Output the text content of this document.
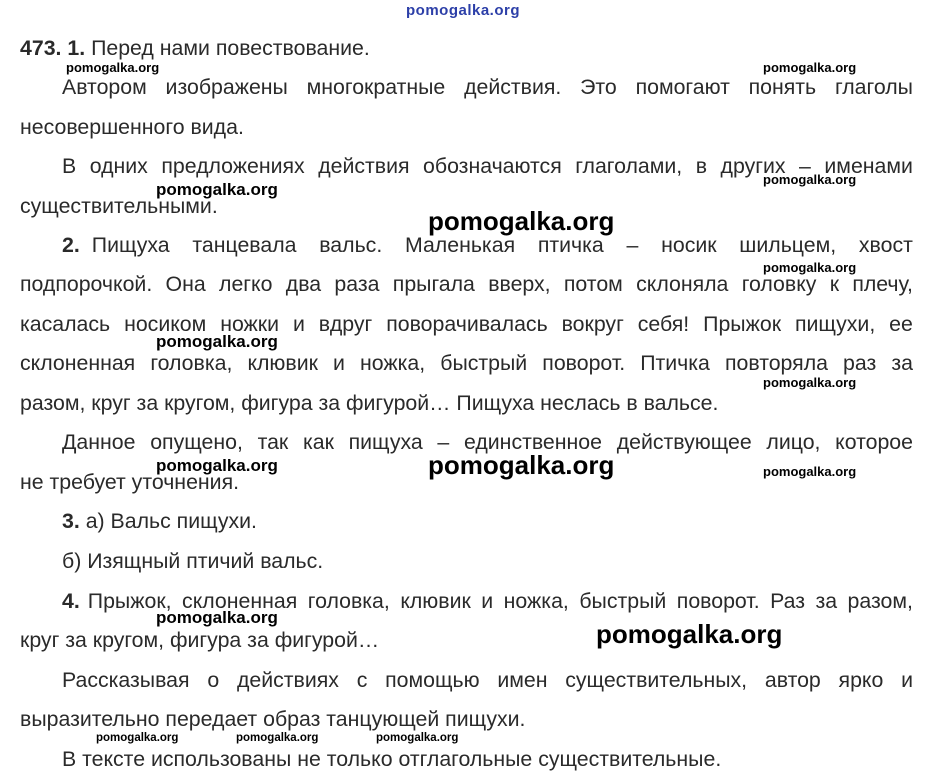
pomogalka.org
473. 1. Перед нами повествование.
Автором изображены многократные действия. Это помогают понять глаголы
несовершенного вида.
В одних предложениях действия обозначаются глаголами, в других – именами
существительными.
2. Пищуха танцевала вальс. Маленькая птичка – носик шильцем, хвост
подпорочкой. Она легко два раза прыгала вверх, потом склоняла головку к плечу,
касалась носиком ножки и вдруг поворачивалась вокруг себя! Прыжок пищухи, ее
склоненная головка, клювик и ножка, быстрый поворот. Птичка повторяла раз за
разом, круг за кругом, фигура за фигурой… Пищуха неслась в вальсе.
Данное опущено, так как пищуха – единственное действующее лицо, которое
не требует уточнения.
3. а) Вальс пищухи.
б) Изящный птичий вальс.
4. Прыжок, склоненная головка, клювик и ножка, быстрый поворот. Раз за разом,
круг за кругом, фигура за фигурой…
Рассказывая о действиях с помощью имен существительных, автор ярко и
выразительно передает образ танцующей пищухи.
В тексте использованы не только отглагольные существительные.
pomogalka.org	pomogalka.org
pomogalka.org
pomogalka.org
pomogalka.org
pomogalka.org
pomogalka.org
pomogalka.org
pomogalka.org	pomogalka.org	pomogalka.org
pomogalka.org
pomogalka.org
pomogalka.org	pomogalka.org	pomogalka.org
